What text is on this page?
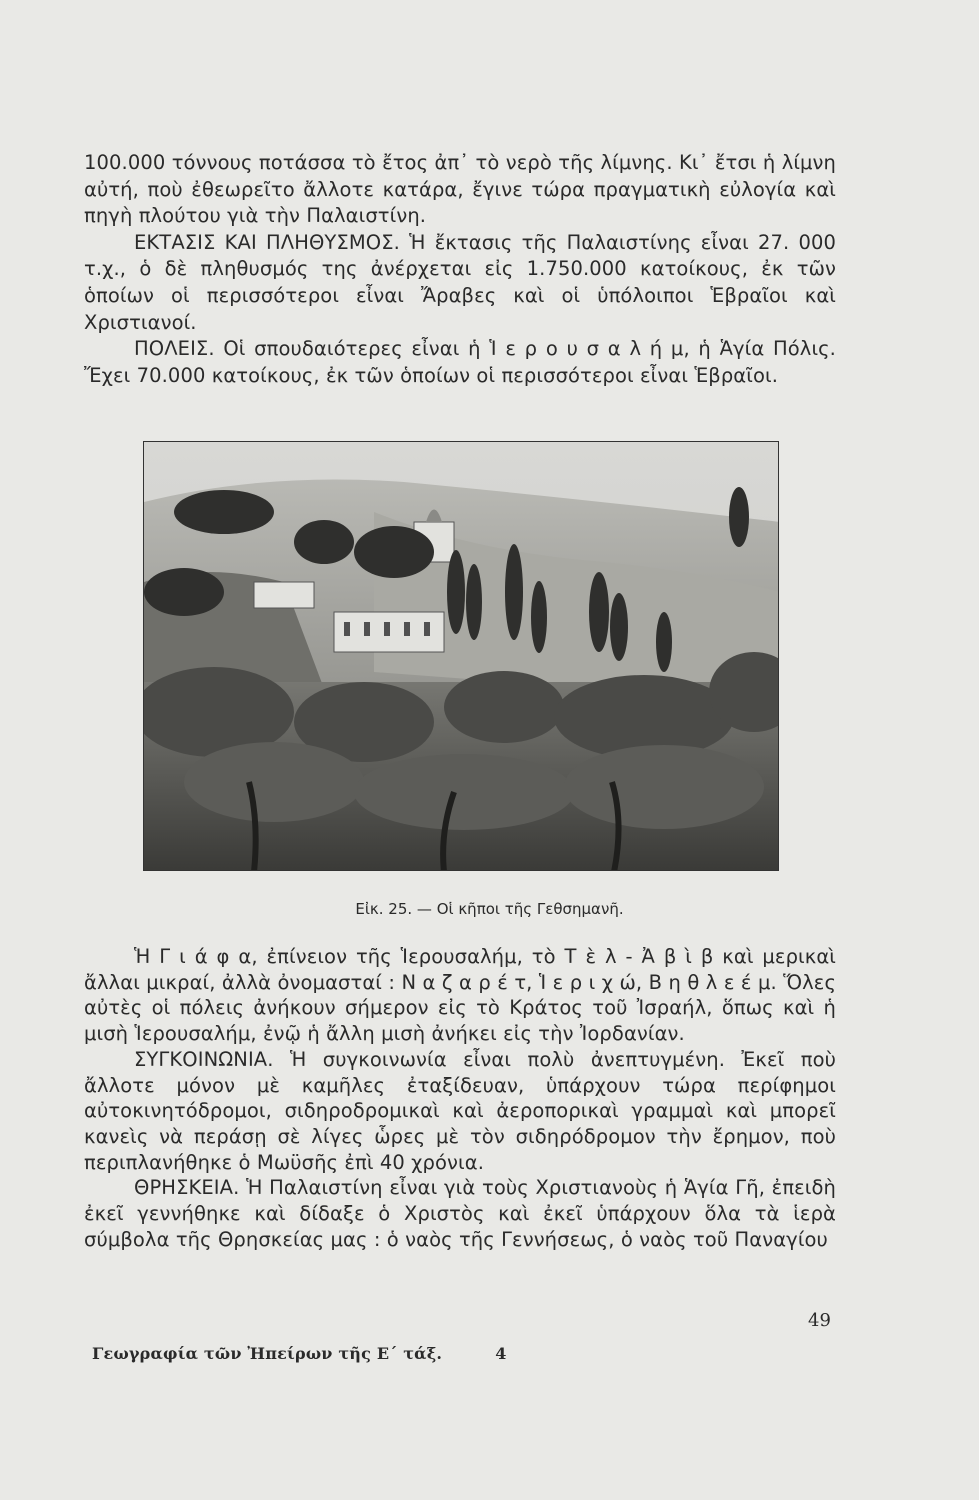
100.000 τόννους ποτάσσα τὸ ἔτος ἀπ᾽ τὸ νερὸ τῆς λίμνης. Κι᾽ ἔτσι ἡ λίμνη αὐτή, ποὺ ἐθεωρεῖτο ἄλλοτε κατάρα, ἔγινε τώρα πραγματικὴ εὐλογία καὶ πηγὴ πλούτου γιὰ τὴν Παλαιστίνη.

ΕΚΤΑΣΙΣ ΚΑΙ ΠΛΗΘΥΣΜΟΣ. Ἡ ἔκτασις τῆς Παλαιστίνης εἶναι 27. 000 τ.χ., ὁ δὲ πληθυσμός της ἀνέρχεται εἰς 1.750.000 κατοίκους, ἐκ τῶν ὁποίων οἱ περισσότεροι εἶναι Ἄραβες καὶ οἱ ὑπόλοιποι Ἑβραῖοι καὶ Χριστιανοί.

ΠΟΛΕΙΣ. Οἱ σπουδαιότερες εἶναι ἡ Ἱ ε ρ ο υ σ α λ ή μ, ἡ Ἁγία Πόλις. Ἔχει 70.000 κατοίκους, ἐκ τῶν ὁποίων οἱ περισσότεροι εἶναι Ἑβραῖοι.

Εἰκ. 25. — Οἱ κῆποι τῆς Γεθσημανῆ.

Ἡ Γ ι ά φ α, ἐπίνειον τῆς Ἱερουσαλήμ, τὸ Τ ὲ λ - Ἀ β ὶ β καὶ μερικαὶ ἄλλαι μικραί, ἀλλὰ ὀνομασταί : Ν α ζ α ρ έ τ, Ἱ ε ρ ι χ ώ, Β η θ λ ε έ μ. Ὅλες αὐτὲς οἱ πόλεις ἀνήκουν σήμερον εἰς τὸ Κράτος τοῦ Ἰσραήλ, ὅπως καὶ ἡ μισὴ Ἱερουσαλήμ, ἐνῷ ἡ ἄλλη μισὴ ἀνήκει εἰς τὴν Ἰορδανίαν.

ΣΥΓΚΟΙΝΩΝΙΑ. Ἡ συγκοινωνία εἶναι πολὺ ἀνεπτυγμένη. Ἐκεῖ ποὺ ἄλλοτε μόνον μὲ καμῆλες ἐταξίδευαν, ὑπάρχουν τώρα περίφημοι αὐτοκινητόδρομοι, σιδηροδρομικαὶ καὶ ἀεροπορικαὶ γραμμαὶ καὶ μπορεῖ κανεὶς νὰ περάσῃ σὲ λίγες ὧρες μὲ τὸν σιδηρόδρομον τὴν ἔρημον, ποὺ περιπλανήθηκε ὁ Μωϋσῆς ἐπὶ 40 χρόνια.

ΘΡΗΣΚΕΙΑ. Ἡ Παλαιστίνη εἶναι γιὰ τοὺς Χριστιανοὺς ἡ Ἁγία Γῆ, ἐπειδὴ ἐκεῖ γεννήθηκε καὶ δίδαξε ὁ Χριστὸς καὶ ἐκεῖ ὑπάρχουν ὅλα τὰ ἱερὰ σύμβολα τῆς Θρησκείας μας : ὁ ναὸς τῆς Γεννήσεως, ὁ ναὸς τοῦ Παναγίου

49
Γεωγραφία τῶν Ἠπείρων τῆς Ε΄ τάξ.	4
